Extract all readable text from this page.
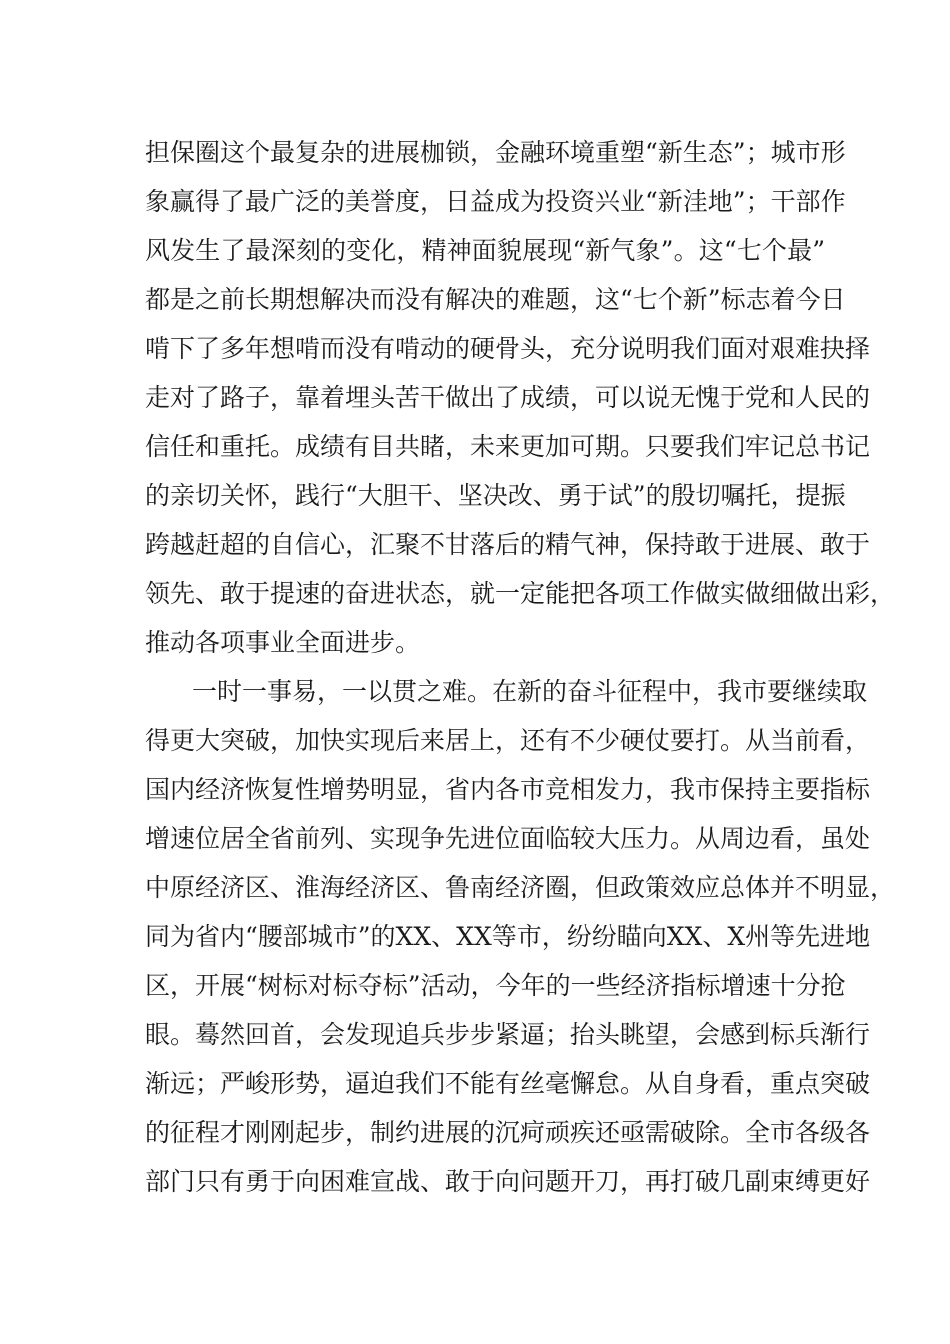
担保圈这个最复杂的进展枷锁，金融环境重塑“新生态”；城市形
象赢得了最广泛的美誉度，日益成为投资兴业“新洼地”；干部作
风发生了最深刻的变化，精神面貌展现“新气象”。这“七个最”
都是之前长期想解决而没有解决的难题，这“七个新”标志着今日
啃下了多年想啃而没有啃动的硬骨头，充分说明我们面对艰难抉择
走对了路子，靠着埋头苦干做出了成绩，可以说无愧于党和人民的
信任和重托。成绩有目共睹，未来更加可期。只要我们牢记总书记
的亲切关怀，践行“大胆干、坚决改、勇于试”的殷切嘱托，提振
跨越赶超的自信心，汇聚不甘落后的精气神，保持敢于进展、敢于
领先、敢于提速的奋进状态，就一定能把各项工作做实做细做出彩，
推动各项事业全面进步。
一时一事易，一以贯之难。在新的奋斗征程中，我市要继续取
得更大突破，加快实现后来居上，还有不少硬仗要打。从当前看，
国内经济恢复性增势明显，省内各市竞相发力，我市保持主要指标
增速位居全省前列、实现争先进位面临较大压力。从周边看，虽处
中原经济区、淮海经济区、鲁南经济圈，但政策效应总体并不明显，
同为省内“腰部城市”的XX、XX等市，纷纷瞄向XX、X州等先进地
区，开展“树标对标夺标”活动，今年的一些经济指标增速十分抢
眼。蓦然回首，会发现追兵步步紧逼；抬头眺望，会感到标兵渐行
渐远；严峻形势，逼迫我们不能有丝毫懈怠。从自身看，重点突破
的征程才刚刚起步，制约进展的沉疴顽疾还亟需破除。全市各级各
部门只有勇于向困难宣战、敢于向问题开刀，再打破几副束缚更好
